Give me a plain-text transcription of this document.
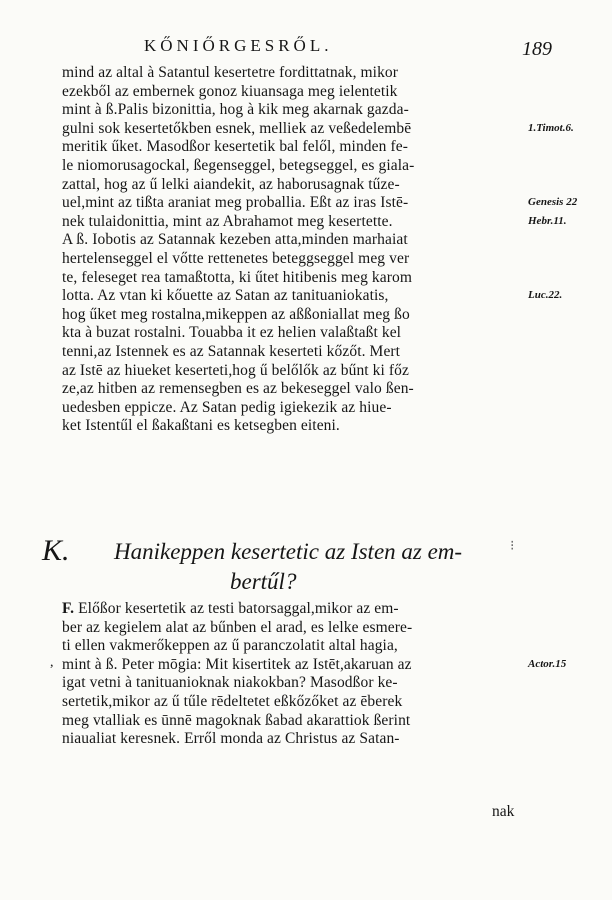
KŐNIŐRGESRŐL.	189
mind az altal à Satantul kesertetre fordittatnak, mikor
ezekből az embernek gonoz kiuansaga meg ielentetik
mint à ß.Palis bizonittia, hog à kik meg akarnak gazda-
gulni sok kesertetőkben esnek, melliek az veßedelembē
meritik űket. Masodßor kesertetik bal felől, minden fe-
le niomorusagockal, ßegenseggel, betegseggel, es giala-
zattal, hog az ű lelki aiandekit, az haborusagnak tűze-
uel,mint az tißta araniat meg proballia. Eßt az iras Istē-
nek tulaidonittia, mint az Abrahamot meg kesertette.
A ß. Iobotis az Satannak kezeben atta,minden marhaiat
hertelenseggel el vőtte rettenetes beteggseggel meg ver
te, feleseget rea tamaßtotta, ki űtet hitibenis meg karom
lotta. Az vtan ki kőuette az Satan az tanituaniokatis,
hog űket meg rostalna,mikeppen az aßßoniallat meg ßo
kta à buzat rostalni. Touabba it ez helien valaßtaßt kel
tenni,az Istennek es az Satannak keserteti kőzőt. Mert
az Istē az hiueket keserteti,hog ű belőlők az bűnt ki főz
ze,az hitben az remensegben es az bekeseggel valo ßen-
uedesben eppicze. Az Satan pedig igiekezik az hiue-
ket Istentűl el ßakaßtani es ketsegben eiteni.
1.Timot.6.
Genesis 22
Hebr.11.
Luc.22.
Actor.15
K. Hanikeppen kesertetic az Isten az em-
bertűl?
⁝
,
F. Előßor kesertetik az testi batorsaggal,mikor az em-
ber az kegielem alat az bűnben el arad, es lelke esmere-
ti ellen vakmerőkeppen az ű paranczolatit altal hagia,
mint à ß. Peter mōgia: Mit kisertitek az Istēt,akaruan az
igat vetni à tanituanioknak niakokban? Masodßor ke-
sertetik,mikor az ű tűle rēdeltetet eßkőzőket az ēberek
meg vtalliak es ūnnē magoknak ßabad akarattiok ßerint
niaualiat keresnek. Erről monda az Christus az Satan-
nak
